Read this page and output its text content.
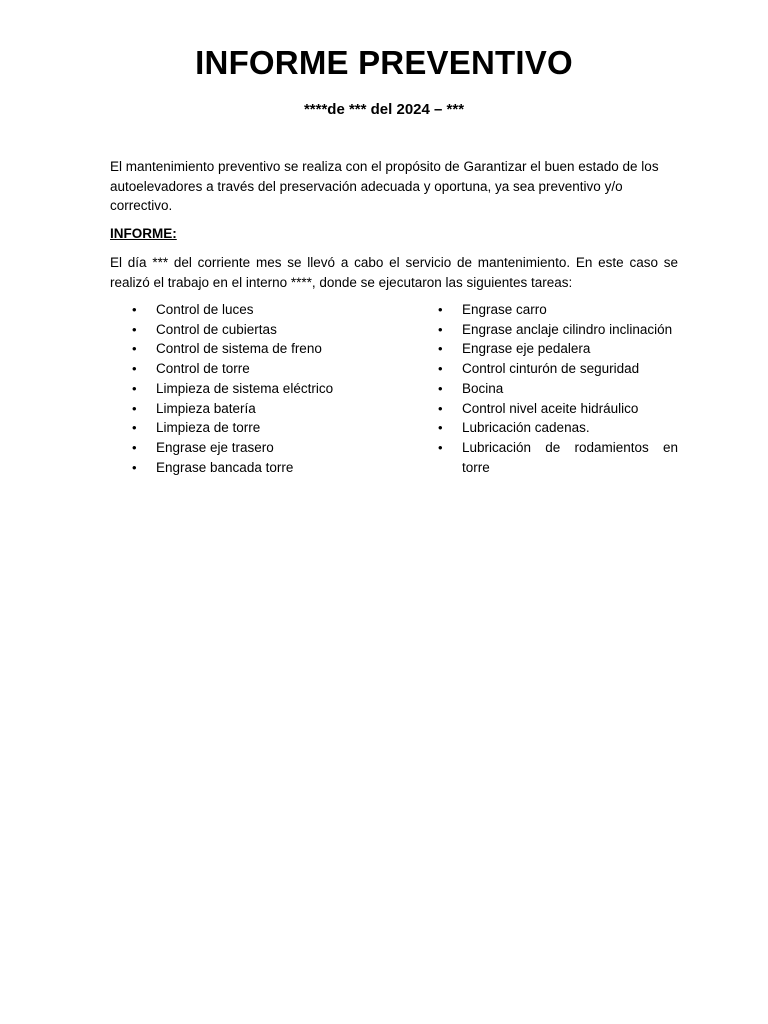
INFORME PREVENTIVO

****de *** del 2024 – ***

El mantenimiento preventivo se realiza con el propósito de Garantizar el buen estado de los autoelevadores a través del preservación adecuada y oportuna, ya sea preventivo y/o correctivo.

INFORME:

El día *** del corriente mes se llevó a cabo el servicio de mantenimiento. En este caso se realizó el trabajo en el interno ****, donde se ejecutaron las siguientes tareas:

•	Control de luces
•	Control de cubiertas
•	Control de sistema de freno
•	Control de torre
•	Limpieza de sistema eléctrico
•	Limpieza batería
•	Limpieza de torre
•	Engrase eje trasero
•	Engrase bancada torre
•	Engrase carro
•	Engrase anclaje cilindro inclinación
•	Engrase eje pedalera
•	Control cinturón de seguridad
•	Bocina
•	Control nivel aceite hidráulico
•	Lubricación cadenas.
•	Lubricación de rodamientos en torre
